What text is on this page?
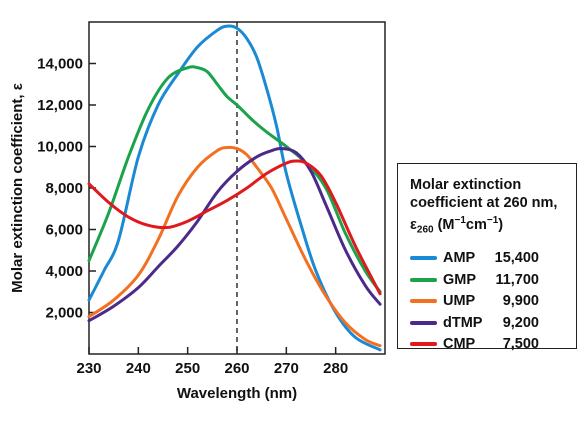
2,000
4,000
6,000
8,000
10,000
12,000
14,000
230 240 250 260 270 280
Wavelength (nm)
Molar extinction coefficient, ε	Molar extinction
coefficient at 260 nm,
$\varepsilon_{260}$ $(M^{-1}cm^{-1})$
AMP	15,400
GMP	11,700
UMP	9,900
dTMP	9,200
CMP	7,500
